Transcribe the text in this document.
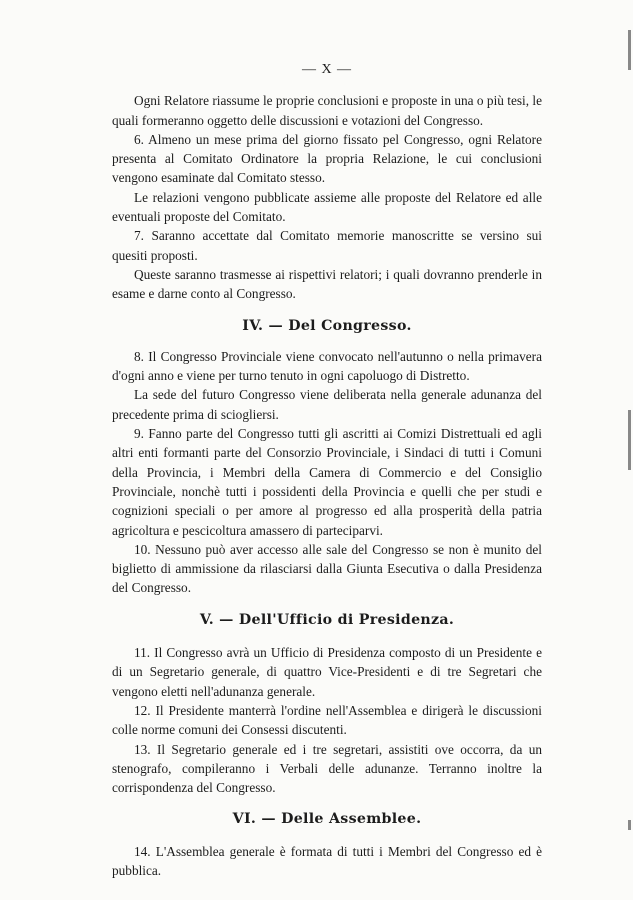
— X —

Ogni Relatore riassume le proprie conclusioni e proposte in una o più tesi, le quali formeranno oggetto delle discussioni e votazioni del Congresso.

6. Almeno un mese prima del giorno fissato pel Congresso, ogni Relatore presenta al Comitato Ordinatore la propria Relazione, le cui conclusioni vengono esaminate dal Comitato stesso.

Le relazioni vengono pubblicate assieme alle proposte del Relatore ed alle eventuali proposte del Comitato.

7. Saranno accettate dal Comitato memorie manoscritte se versino sui quesiti proposti.

Queste saranno trasmesse ai rispettivi relatori; i quali dovranno prenderle in esame e darne conto al Congresso.

IV. — Del Congresso.

8. Il Congresso Provinciale viene convocato nell'autunno o nella primavera d'ogni anno e viene per turno tenuto in ogni capoluogo di Distretto.

La sede del futuro Congresso viene deliberata nella generale adunanza del precedente prima di sciogliersi.

9. Fanno parte del Congresso tutti gli ascritti ai Comizi Distrettuali ed agli altri enti formanti parte del Consorzio Provinciale, i Sindaci di tutti i Comuni della Provincia, i Membri della Camera di Commercio e del Consiglio Provinciale, nonchè tutti i possidenti della Provincia e quelli che per studi e cognizioni speciali o per amore al progresso ed alla prosperità della patria agricoltura e pescicoltura amassero di parteciparvi.

10. Nessuno può aver accesso alle sale del Congresso se non è munito del biglietto di ammissione da rilasciarsi dalla Giunta Esecutiva o dalla Presidenza del Congresso.

V. — Dell'Ufficio di Presidenza.

11. Il Congresso avrà un Ufficio di Presidenza composto di un Presidente e di un Segretario generale, di quattro Vice-Presidenti e di tre Segretari che vengono eletti nell'adunanza generale.

12. Il Presidente manterrà l'ordine nell'Assemblea e dirigerà le discussioni colle norme comuni dei Consessi discutenti.

13. Il Segretario generale ed i tre segretari, assistiti ove occorra, da un stenografo, compileranno i Verbali delle adunanze. Terranno inoltre la corrispondenza del Congresso.

VI. — Delle Assemblee.

14. L'Assemblea generale è formata di tutti i Membri del Congresso ed è pubblica.
